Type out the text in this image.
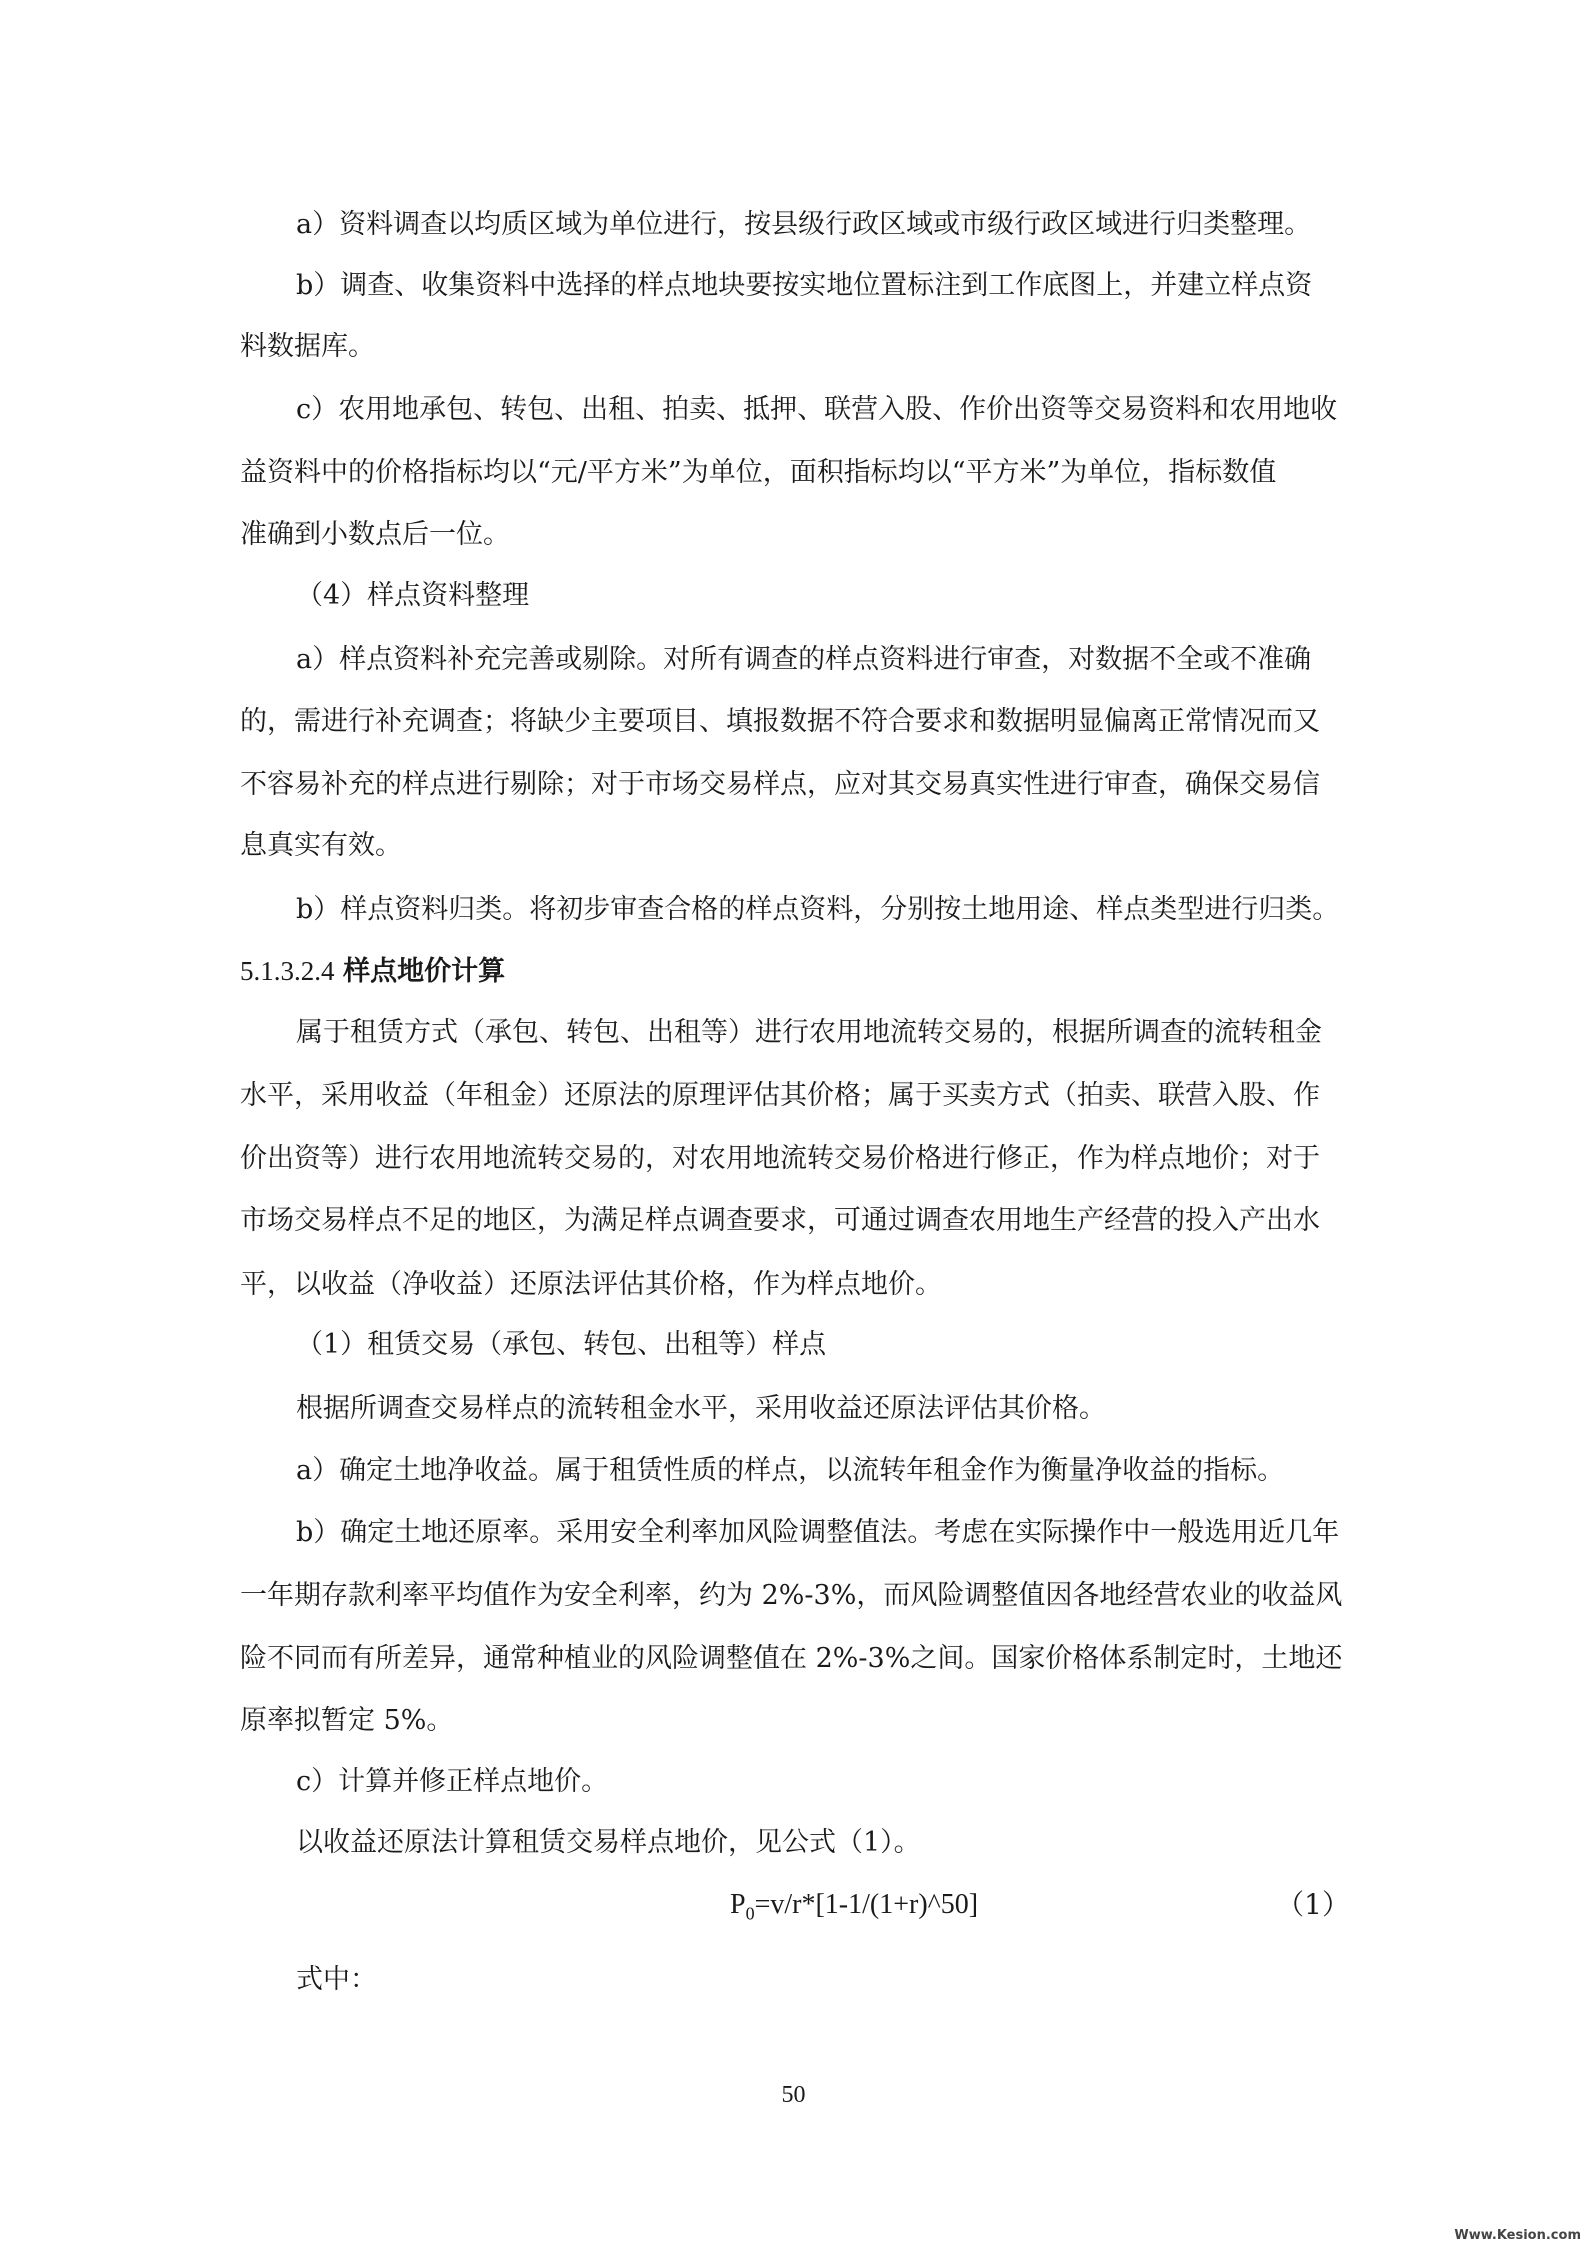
a）资料调查以均质区域为单位进行，按县级行政区域或市级行政区域进行归类整理。
b）调查、收集资料中选择的样点地块要按实地位置标注到工作底图上，并建立样点资
料数据库。
c）农用地承包、转包、出租、拍卖、抵押、联营入股、作价出资等交易资料和农用地收
益资料中的价格指标均以“元/平方米”为单位，面积指标均以“平方米”为单位，指标数值
准确到小数点后一位。
（4）样点资料整理
a）样点资料补充完善或剔除。对所有调查的样点资料进行审查，对数据不全或不准确
的，需进行补充调查；将缺少主要项目、填报数据不符合要求和数据明显偏离正常情况而又
不容易补充的样点进行剔除；对于市场交易样点，应对其交易真实性进行审查，确保交易信
息真实有效。
b）样点资料归类。将初步审查合格的样点资料，分别按土地用途、样点类型进行归类。
5.1.3.2.4 样点地价计算
属于租赁方式（承包、转包、出租等）进行农用地流转交易的，根据所调查的流转租金
水平，采用收益（年租金）还原法的原理评估其价格；属于买卖方式（拍卖、联营入股、作
价出资等）进行农用地流转交易的，对农用地流转交易价格进行修正，作为样点地价；对于
市场交易样点不足的地区，为满足样点调查要求，可通过调查农用地生产经营的投入产出水
平，以收益（净收益）还原法评估其价格，作为样点地价。
（1）租赁交易（承包、转包、出租等）样点
根据所调查交易样点的流转租金水平，采用收益还原法评估其价格。
a）确定土地净收益。属于租赁性质的样点，以流转年租金作为衡量净收益的指标。
b）确定土地还原率。采用安全利率加风险调整值法。考虑在实际操作中一般选用近几年
一年期存款利率平均值作为安全利率，约为 2%-3%，而风险调整值因各地经营农业的收益风
险不同而有所差异，通常种植业的风险调整值在 2%-3%之间。国家价格体系制定时，土地还
原率拟暂定 5%。
c）计算并修正样点地价。
以收益还原法计算租赁交易样点地价，见公式（1）。
$P_0=v/r*[1-1/(1+r)\^{}50]$	（1）
式中：
50
Www.Kesion.com
